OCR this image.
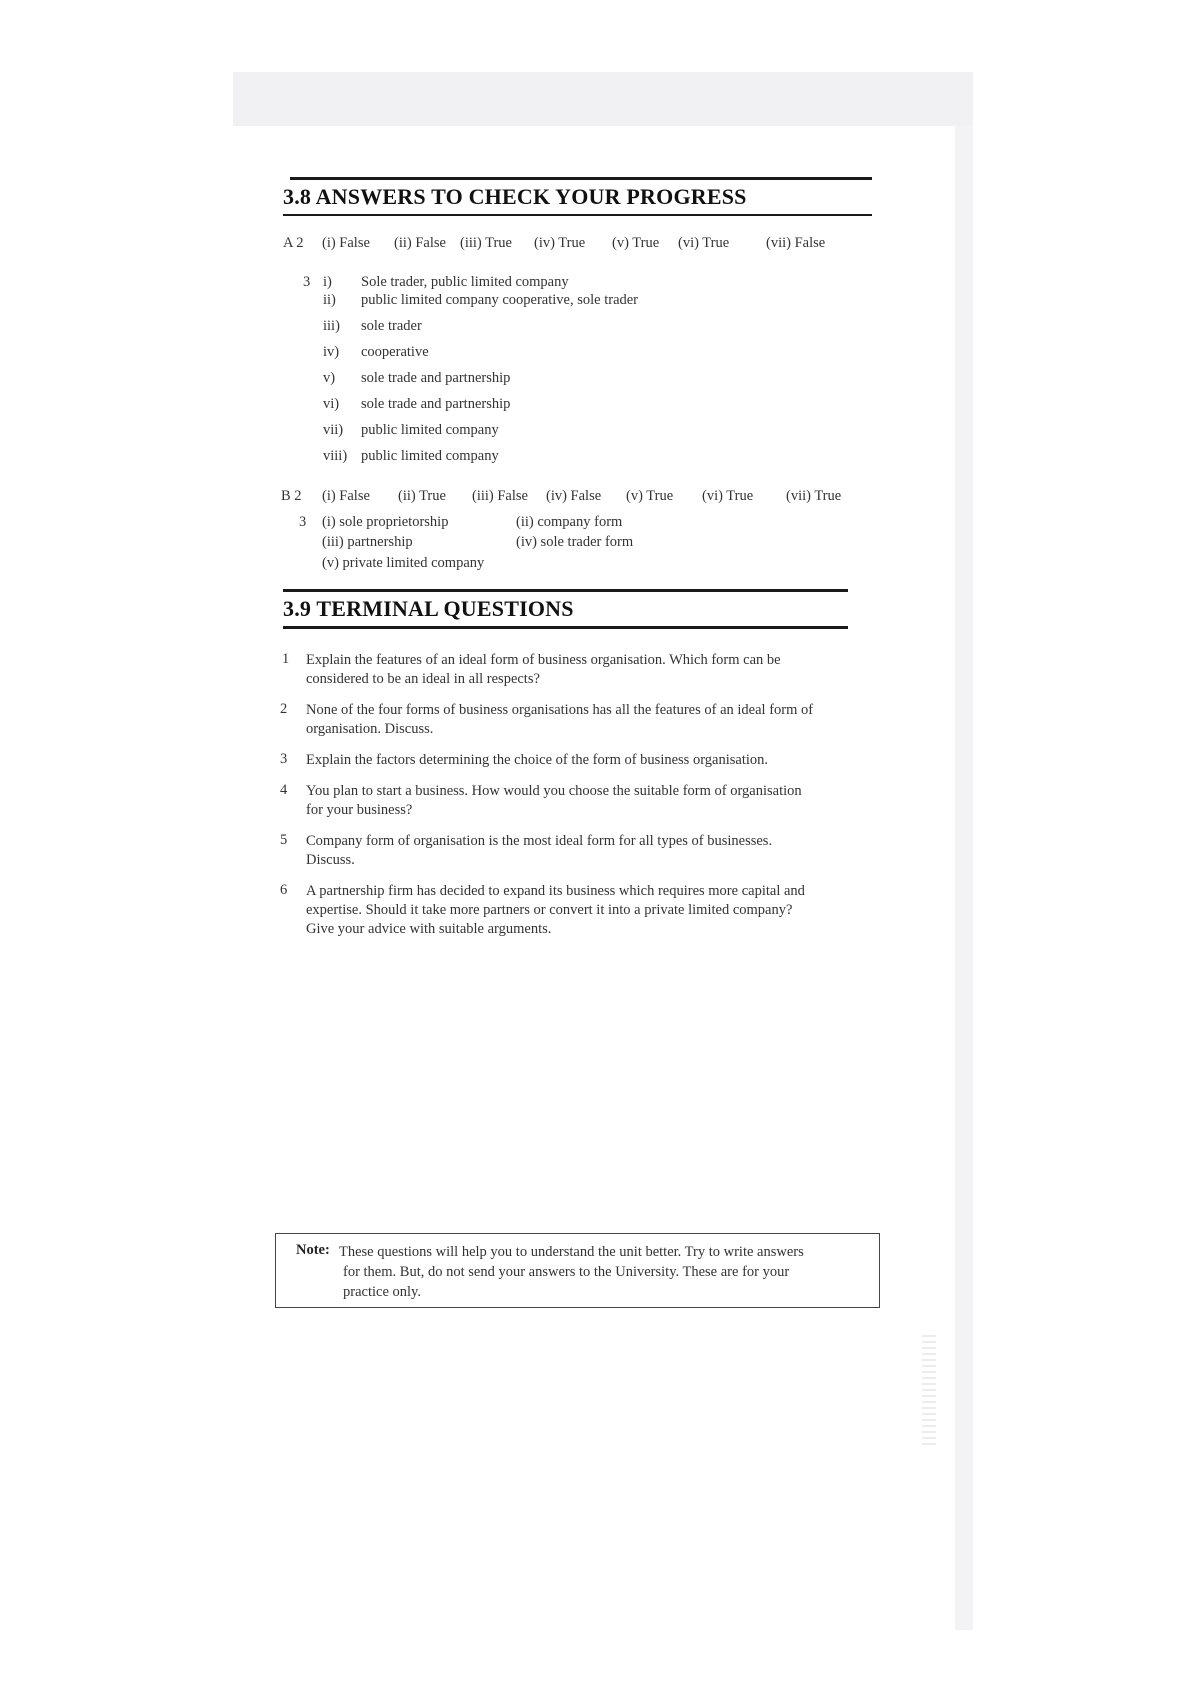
3.8 ANSWERS TO CHECK YOUR PROGRESS
A 2 (i) False (ii) False (iii) True (iv) True (v) True (vi) True	(vii) False
3 i) Sole trader, public limited company
ii) public limited company cooperative, sole trader
iii) sole trader
iv) cooperative
v) sole trade and partnership
vi) sole trade and partnership
vii) public limited company
viii) public limited company
B 2 (i) False (ii) True (iii) False (iv) False (v) True (vi) True (vii) True
3 (i) sole proprietorship	(ii) company form
(iii) partnership	(iv) sole trader form
(v) private limited company
3.9 TERMINAL QUESTIONS
1 Explain the features of an ideal form of business organisation. Which form can be
considered to be an ideal in all respects?
2 None of the four forms of business organisations has all the features of an ideal form of
organisation. Discuss.
3 Explain the factors determining the choice of the form of business organisation.
4 You plan to start a business. How would you choose the suitable form of organisation
for your business?
5 Company form of organisation is the most ideal form for all types of businesses.
Discuss.
6 A partnership firm has decided to expand its business which requires more capital and
expertise. Should it take more partners or convert it into a private limited company?
Give your advice with suitable arguments.
Note: These questions will help you to understand the unit better. Try to write answers
for them. But, do not send your answers to the University. These are for your
practice only.
